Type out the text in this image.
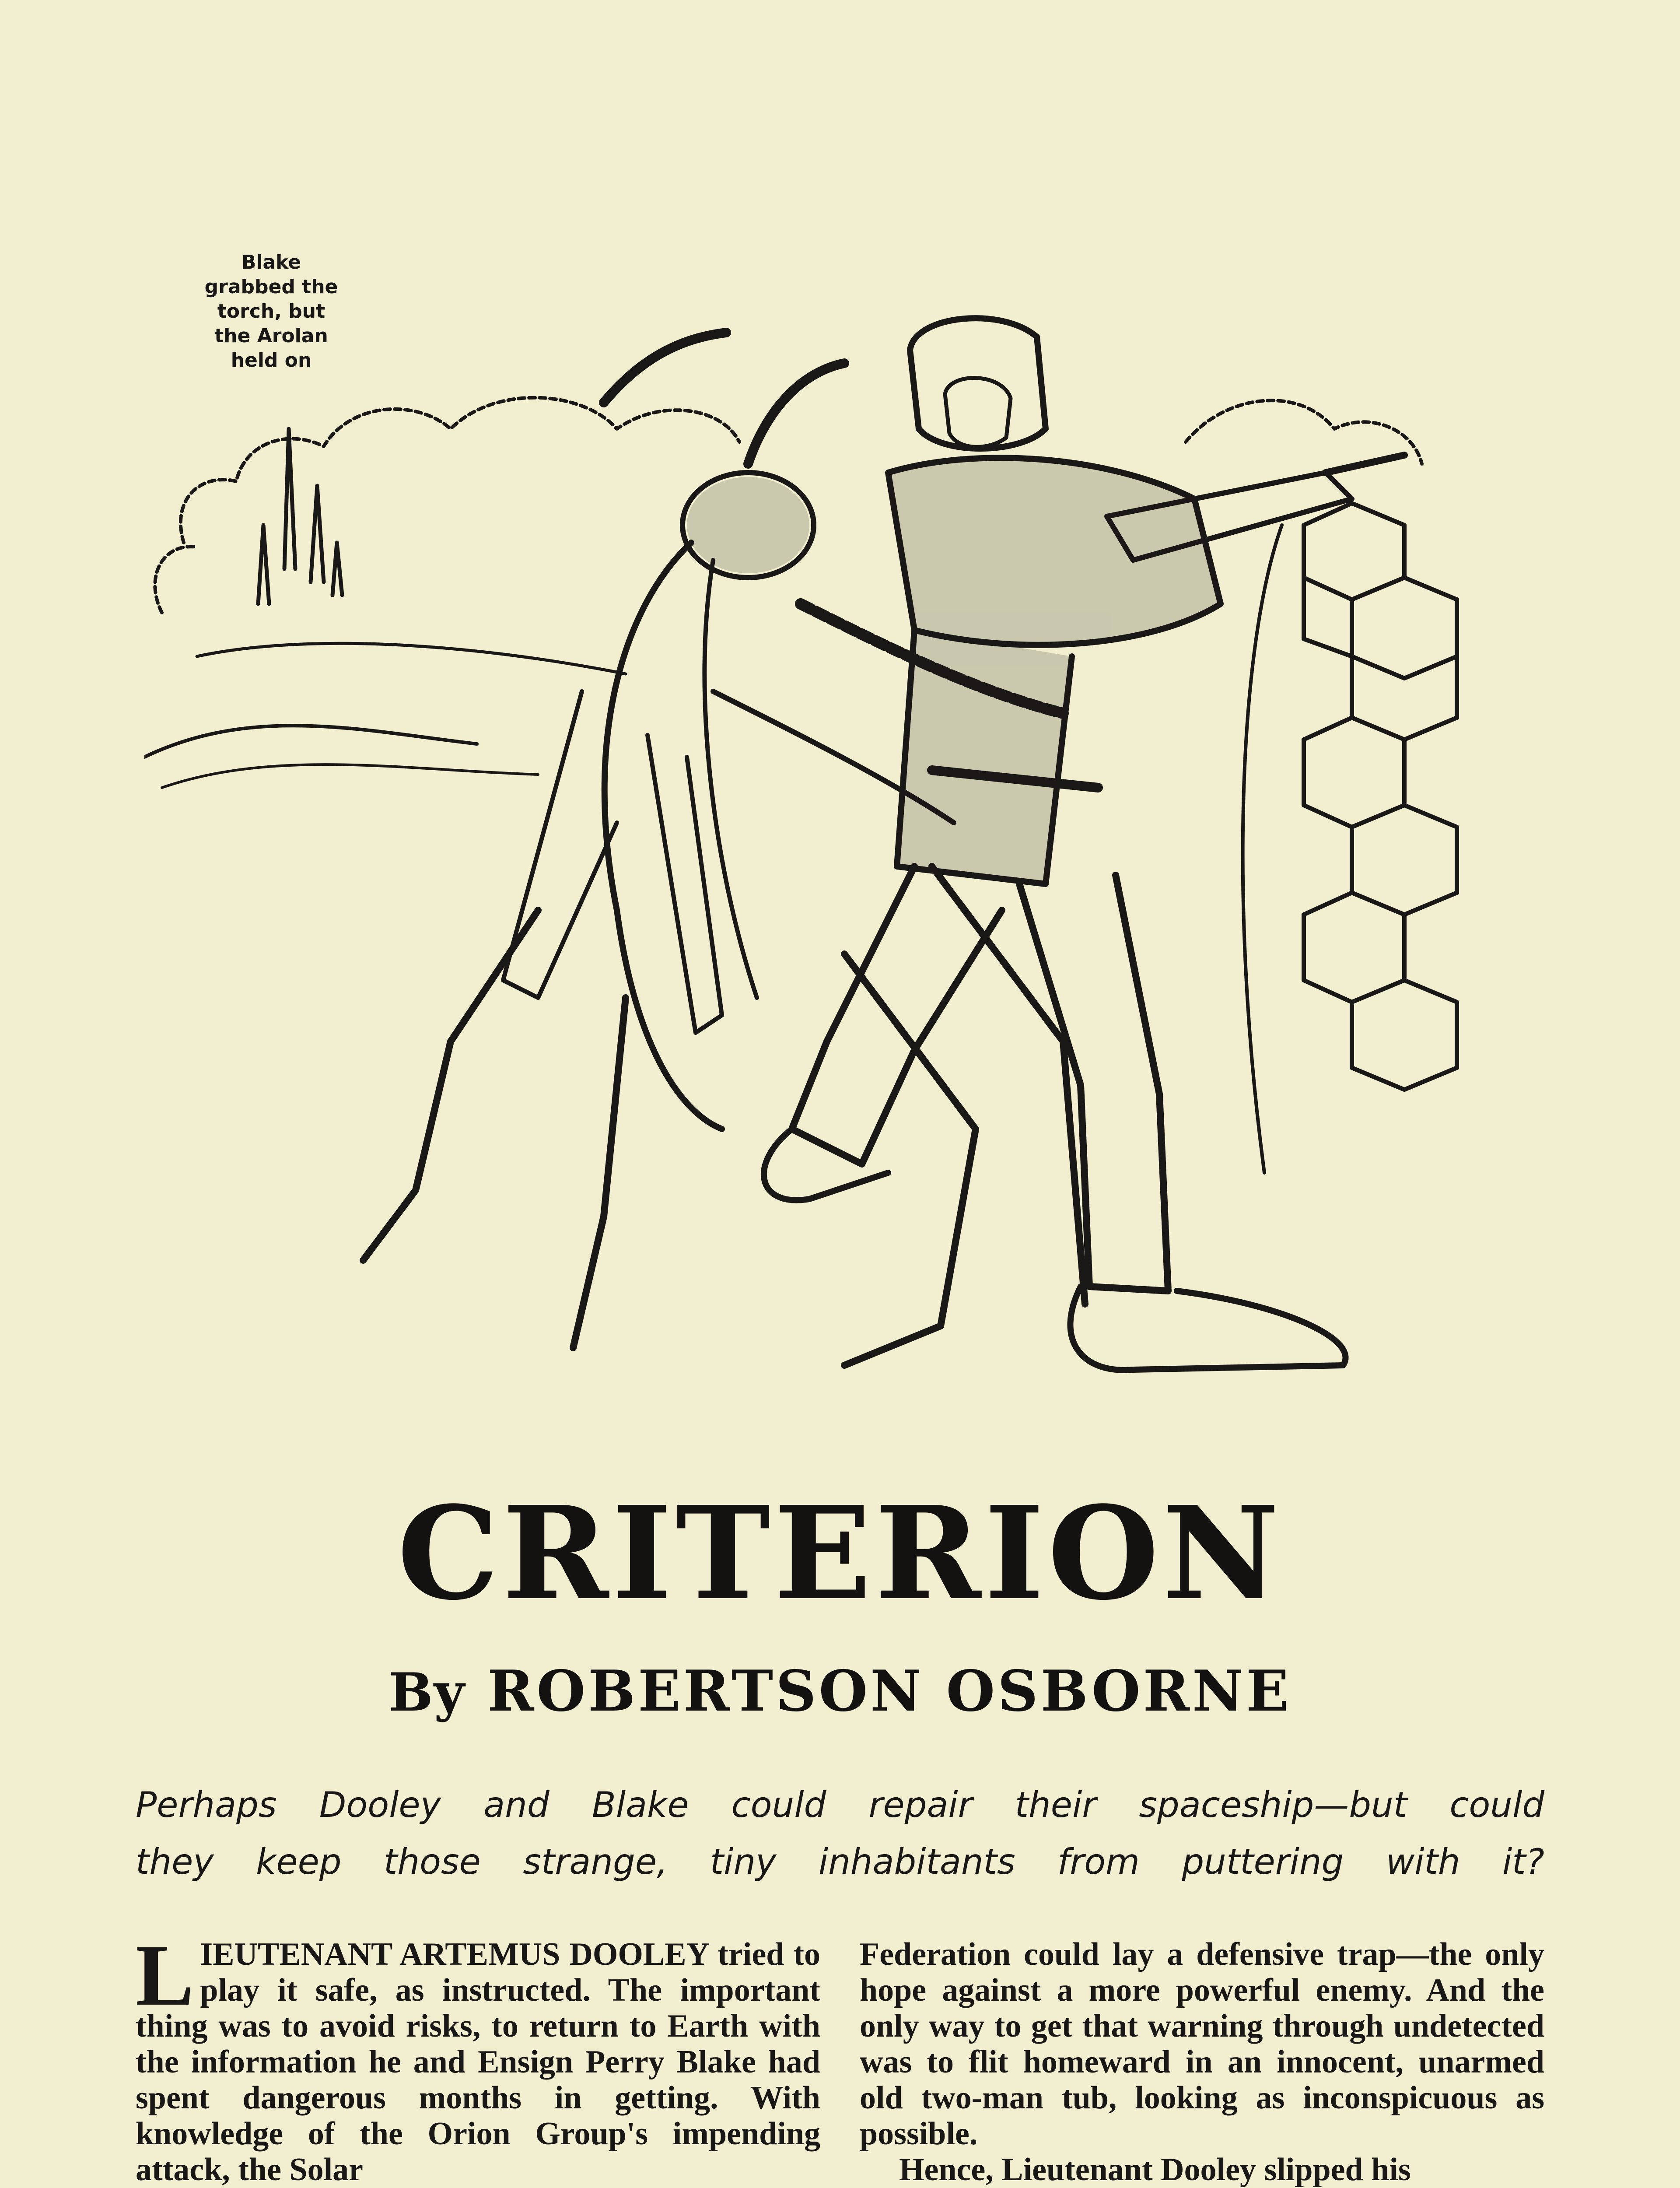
Blake grabbed the torch, but the Arolan held on
CRITERION
By ROBERTSON OSBORNE

Perhaps Dooley and Blake could repair their spaceship—but could

they keep those strange, tiny inhabitants from puttering with it?

LIEUTENANT ARTEMUS DOOLEY tried to play it safe, as instructed. The important thing was to avoid risks, to return to Earth with the information he and Ensign Perry Blake had spent dangerous months in getting. With knowledge of the Orion Group's impending attack, the Solar

Federation could lay a defensive trap—the only hope against a more powerful enemy. And the only way to get that warning through undetected was to flit homeward in an innocent, unarmed old two-man tub, looking as inconspicuous as possible.

Hence, Lieutenant Dooley slipped his
